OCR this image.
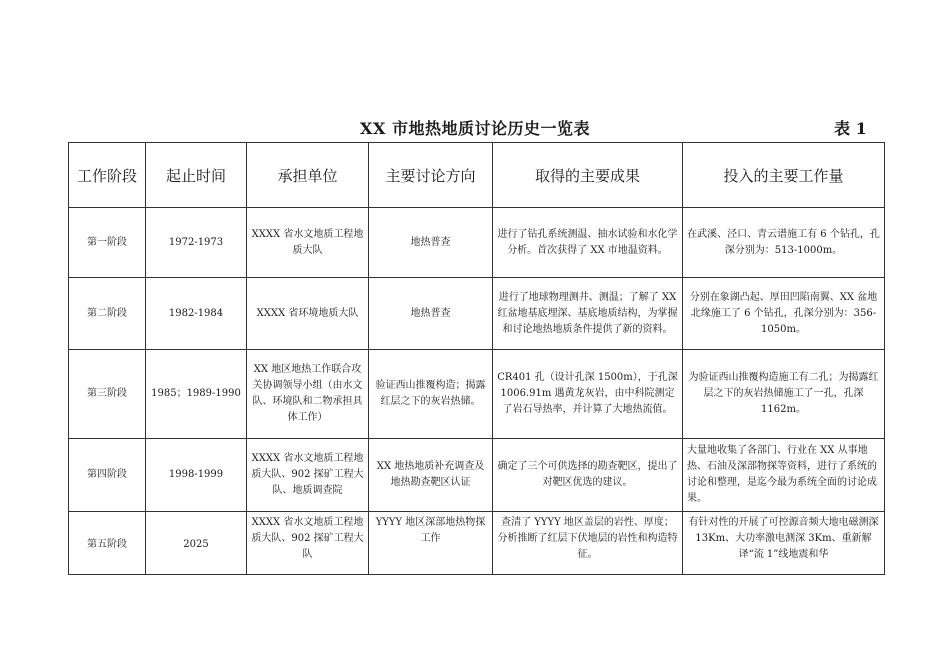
XX 市地热地质讨论历史一览表	表 1
工作阶段	起止时间	承担单位	主要讨论方向	取得的主要成果	投入的主要工作量
第一阶段	1972-1973	XXXX 省水文地质工程地质大队	地热普查	进行了钻孔系统测温、抽水试验和水化学分析。首次获得了 XX 市地温资料。	在武溪、泾口、青云谱施工有 6 个钻孔，孔深分别为：513-1000m。
第二阶段	1982-1984	XXXX 省环境地质大队	地热普查	进行了地球物理测井、测温；了解了 XX 红盆地基底埋深、基底地质结构，为掌握和讨论地热地质条件提供了新的资料。	分别在象湖凸起、厚田凹陷南翼、XX 盆地北缘施工了 6 个钻孔，孔深分别为：356-1050m。
第三阶段	1985；1989-1990	XX 地区地热工作联合攻关协调领导小组（由水文队、环境队和二物承担具体工作）	验证西山推覆构造；揭露红层之下的灰岩热储。	CR401 孔（设计孔深 1500m），于孔深 1006.91m 遇黄龙灰岩，由中科院测定了岩石导热率，并计算了大地热流值。	为验证西山推覆构造施工有二孔；为揭露红层之下的灰岩热储施工了一孔，孔深 1162m。
第四阶段	1998-1999	XXXX 省水文地质工程地质大队、902 探矿工程大队、地质调查院	XX 地热地质补充调查及地热勘查靶区认证	确定了三个可供选择的勘查靶区，提出了对靶区优选的建议。	大量地收集了各部门、行业在 XX 从事地热、石油及深部物探等资料，进行了系统的讨论和整理，是迄今最为系统全面的讨论成果。
第五阶段	2025	XXXX 省水文地质工程地质大队、902 探矿工程大队	YYYY 地区深部地热物探工作	查清了 YYYY 地区盖层的岩性、厚度；分析推断了红层下伏地层的岩性和构造特征。	有针对性的开展了可控源音频大地电磁测深 13Km、大功率激电测深 3Km、重新解译“流 1”线地震和华
